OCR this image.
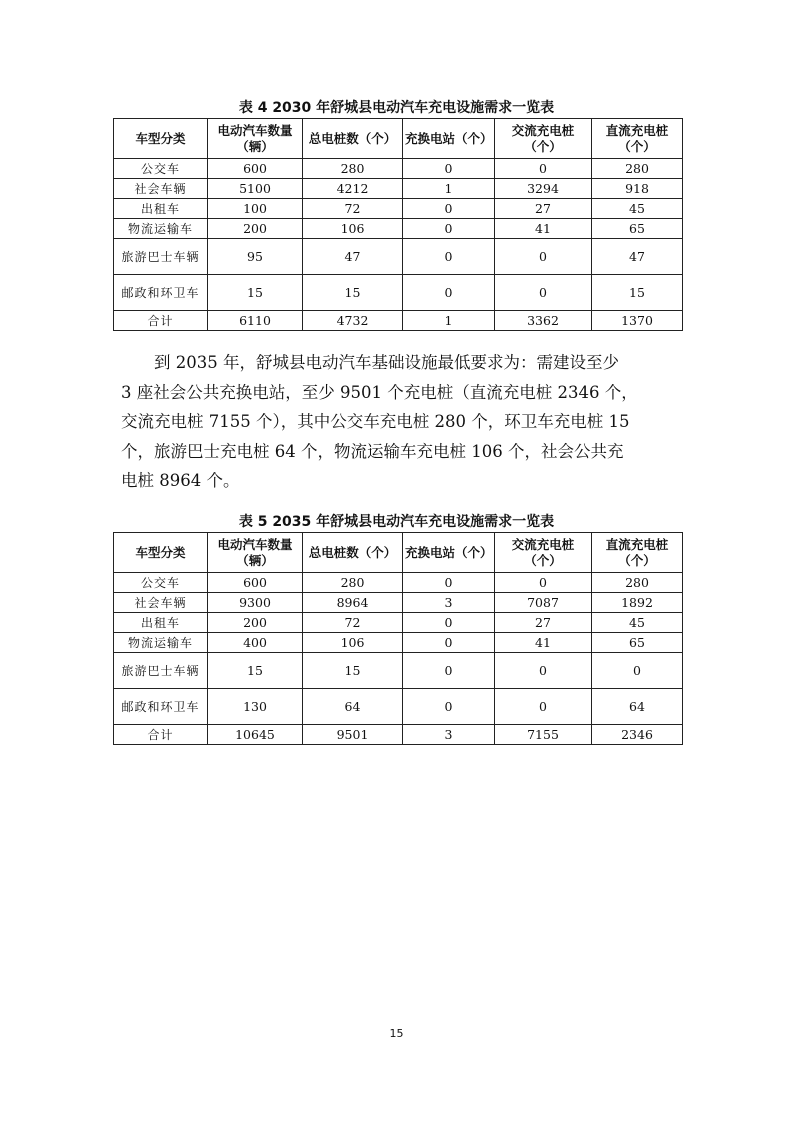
表 4 2030 年舒城县电动汽车充电设施需求一览表
车型分类	电动汽车数量（辆）	总电桩数（个）	充换电站（个）	交流充电桩（个）	直流充电桩（个）
公交车	600	280	0	0	280
社会车辆	5100	4212	1	3294	918
出租车	100	72	0	27	45
物流运输车	200	106	0	41	65
旅游巴士车辆	95	47	0	0	47
邮政和环卫车	15	15	0	0	15
合计	6110	4732	1	3362	1370
到 2035 年，舒城县电动汽车基础设施最低要求为：需建设至少
3 座社会公共充换电站，至少 9501 个充电桩（直流充电桩 2346 个，
交流充电桩 7155 个），其中公交车充电桩 280 个，环卫车充电桩 15
个，旅游巴士充电桩 64 个，物流运输车充电桩 106 个，社会公共充
电桩 8964 个。
表 5 2035 年舒城县电动汽车充电设施需求一览表
车型分类	电动汽车数量（辆）	总电桩数（个）	充换电站（个）	交流充电桩（个）	直流充电桩（个）
公交车	600	280	0	0	280
社会车辆	9300	8964	3	7087	1892
出租车	200	72	0	27	45
物流运输车	400	106	0	41	65
旅游巴士车辆	15	15	0	0	0
邮政和环卫车	130	64	0	0	64
合计	10645	9501	3	7155	2346
15
